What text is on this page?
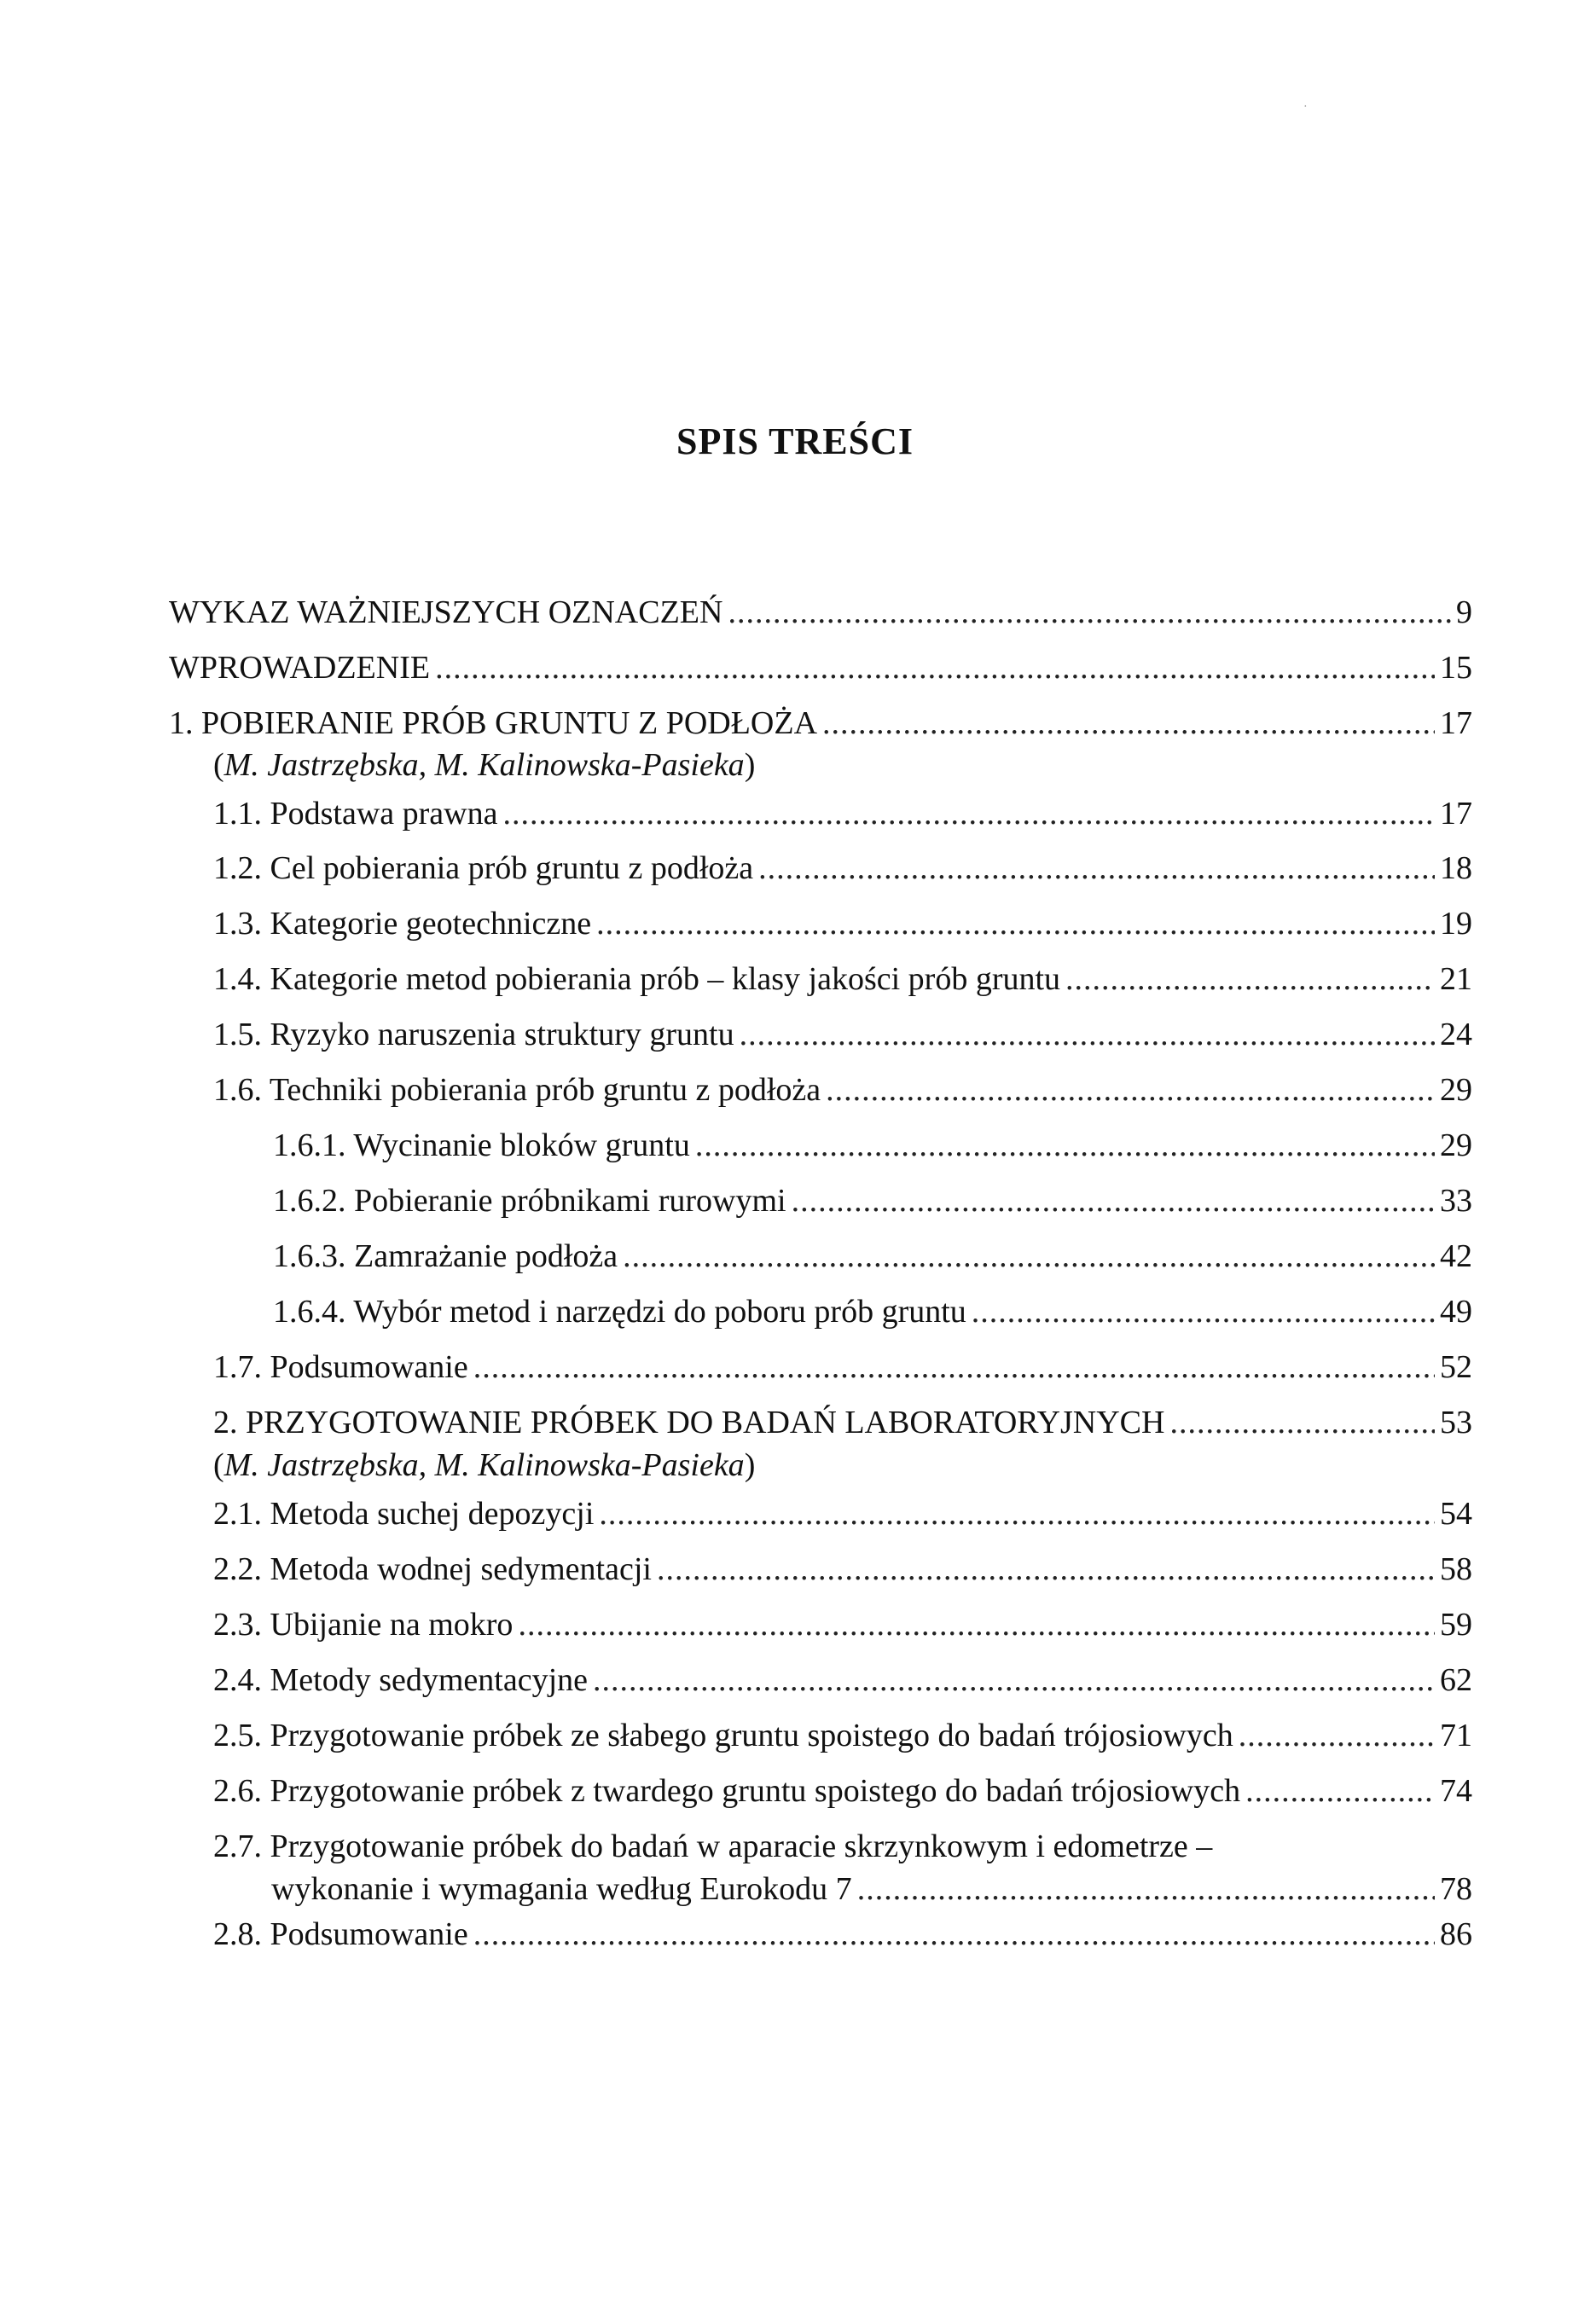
SPIS TREŚCI
WYKAZ WAŻNIEJSZYCH OZNACZEŃ .....	9
WPROWADZENIE .....	15
1. POBIERANIE PRÓB GRUNTU Z PODŁOŻA .....	17
(M. Jastrzębska, M. Kalinowska-Pasieka)
1.1. Podstawa prawna .....	17
1.2. Cel pobierania prób gruntu z podłoża .....	18
1.3. Kategorie geotechniczne .....	19
1.4. Kategorie metod pobierania prób – klasy jakości prób gruntu .....	21
1.5. Ryzyko naruszenia struktury gruntu .....	24
1.6. Techniki pobierania prób gruntu z podłoża .....	29
1.6.1. Wycinanie bloków gruntu .....	29
1.6.2. Pobieranie próbnikami rurowymi .....	33
1.6.3. Zamrażanie podłoża .....	42
1.6.4. Wybór metod i narzędzi do poboru prób gruntu .....	49
1.7. Podsumowanie .....	52
2. PRZYGOTOWANIE PRÓBEK DO BADAŃ LABORATORYJNYCH .....	53
(M. Jastrzębska, M. Kalinowska-Pasieka)
2.1. Metoda suchej depozycji .....	54
2.2. Metoda wodnej sedymentacji .....	58
2.3. Ubijanie na mokro .....	59
2.4. Metody sedymentacyjne .....	62
2.5. Przygotowanie próbek ze słabego gruntu spoistego do badań trójosiowych .....	71
2.6. Przygotowanie próbek z twardego gruntu spoistego do badań trójosiowych .....	74
2.7. Przygotowanie próbek do badań w aparacie skrzynkowym i edometrze –
wykonanie i wymagania według Eurokodu 7 .....	78
2.8. Podsumowanie .....	86
·
